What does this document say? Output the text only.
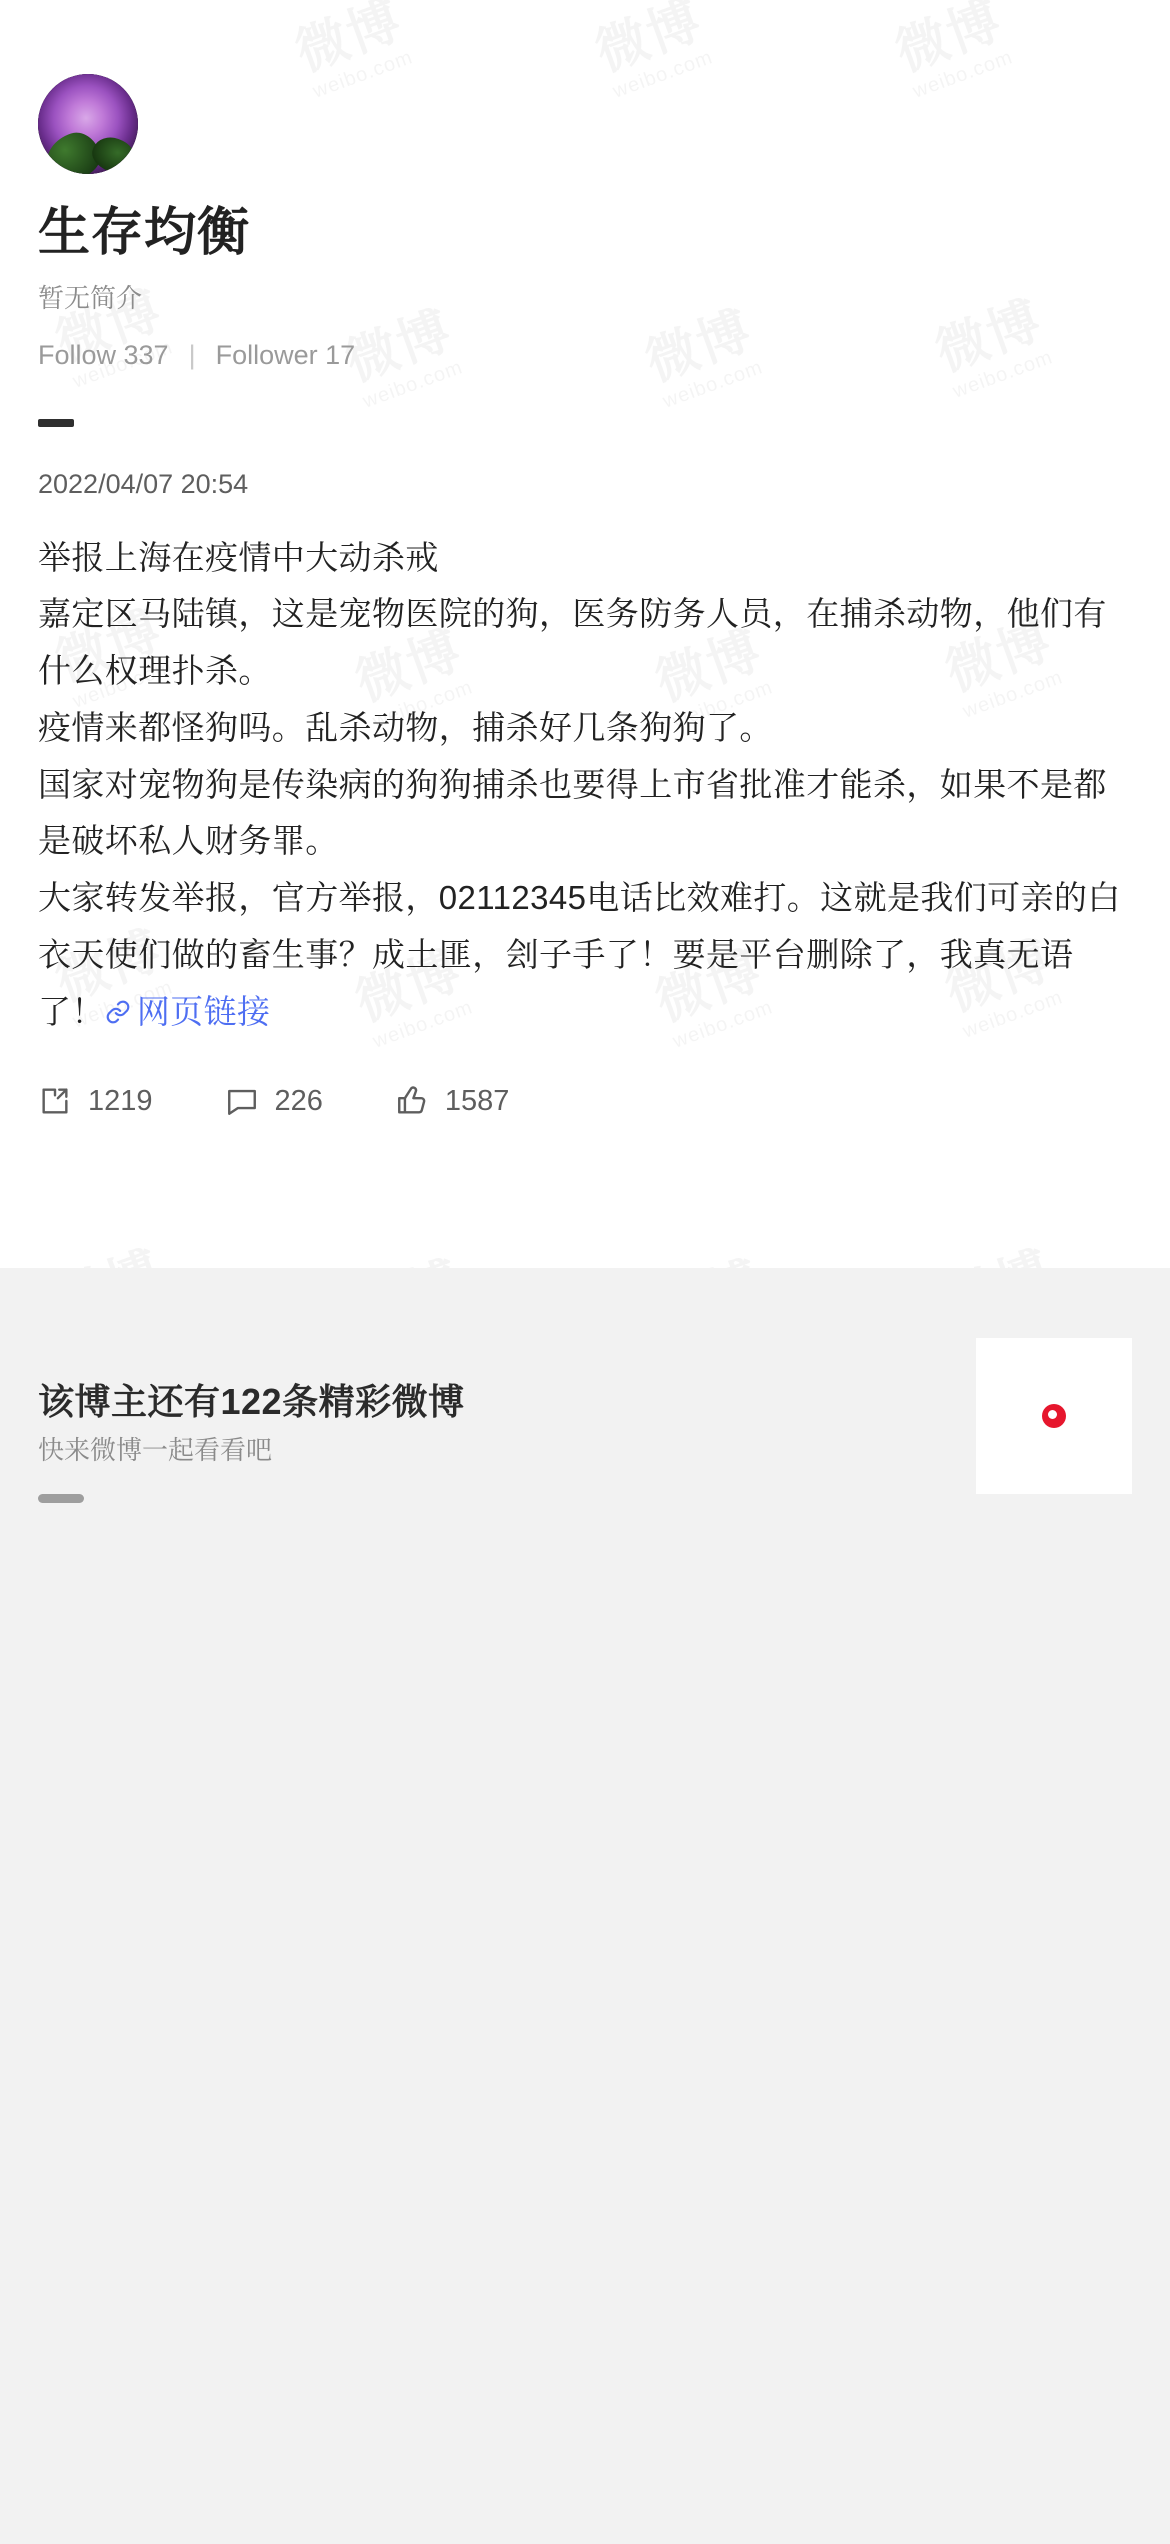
生存均衡
暂无简介
Follow 337 | Follower 17
2022/04/07 20:54

举报上海在疫情中大动杀戒

嘉定区马陆镇，这是宠物医院的狗，医务防务人员，在捕杀动物，他们有什么权理扑杀。

疫情来都怪狗吗。乱杀动物，捕杀好几条狗狗了。

国家对宠物狗是传染病的狗狗捕杀也要得上市省批准才能杀，如果不是都是破坏私人财务罪。

大家转发举报，官方举报，02112345电话比效难打。这就是我们可亲的白衣天使们做的畜生事？成土匪，刽子手了！要是平台删除了，我真无语了！ 网页链接

1219	226	1587
该博主还有122条精彩微博
快来微博一起看看吧
